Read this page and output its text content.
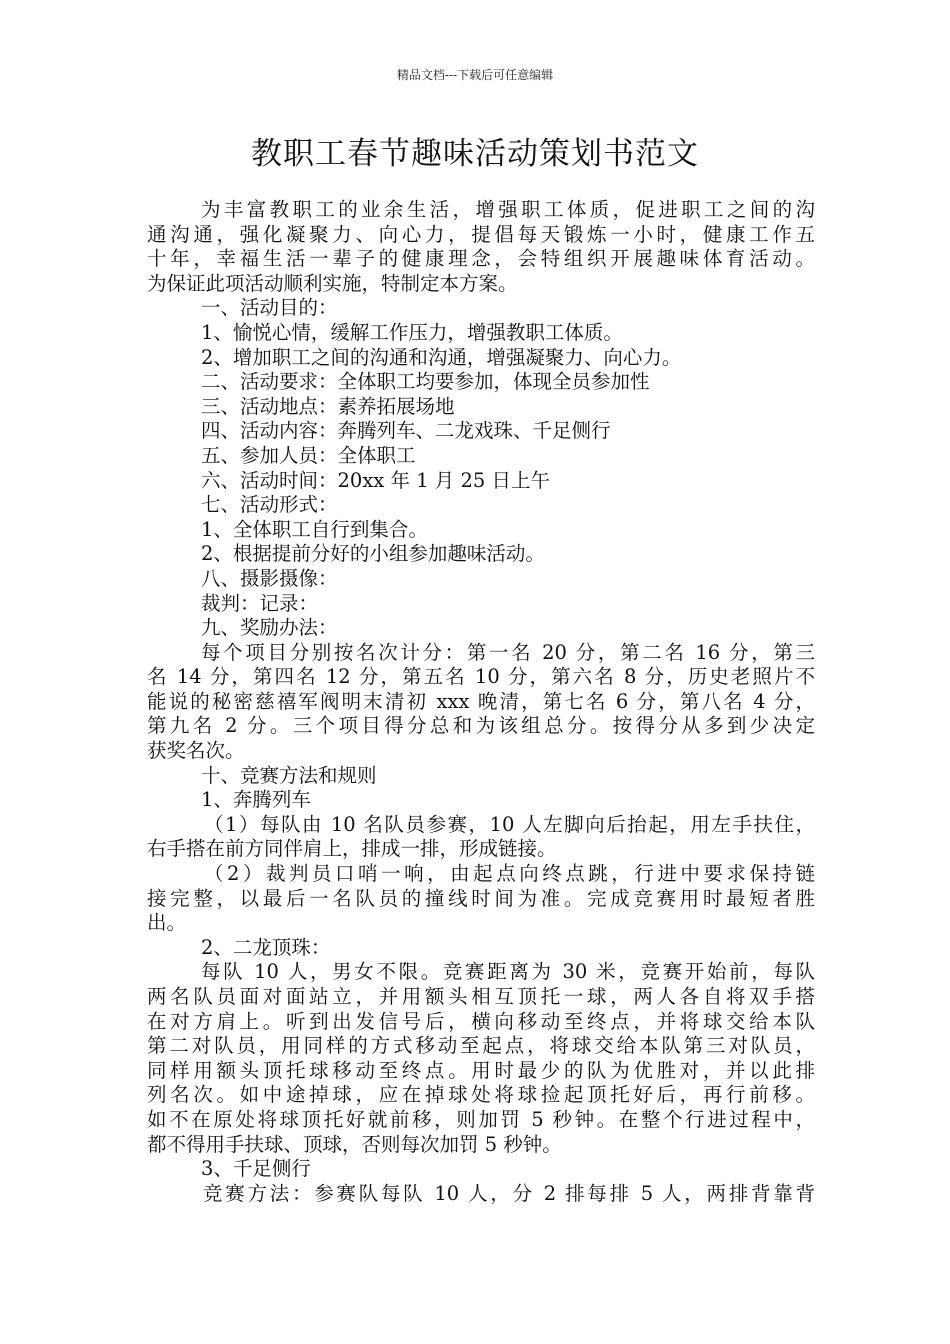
精品文档---下载后可任意编辑
教职工春节趣味活动策划书范文
为丰富教职工的业余生活，增强职工体质，促进职工之间的沟
通沟通，强化凝聚力、向心力，提倡每天锻炼一小时，健康工作五
十年，幸福生活一辈子的健康理念，会特组织开展趣味体育活动。
为保证此项活动顺利实施，特制定本方案。
一、活动目的：
1、愉悦心情，缓解工作压力，增强教职工体质。
2、增加职工之间的沟通和沟通，增强凝聚力、向心力。
二、活动要求：全体职工均要参加，体现全员参加性
三、活动地点：素养拓展场地
四、活动内容：奔腾列车、二龙戏珠、千足侧行
五、参加人员：全体职工
六、活动时间：20xx 年 1 月 25 日上午
七、活动形式：
1、全体职工自行到集合。
2、根据提前分好的小组参加趣味活动。
八、摄影摄像：
裁判：记录：
九、奖励办法：
每个项目分别按名次计分：第一名 20 分，第二名 16 分，第三
名 14 分，第四名 12 分，第五名 10 分，第六名 8 分，历史老照片不
能说的秘密慈禧军阀明末清初 xxx 晚清，第七名 6 分，第八名 4 分，
第九名 2 分。三个项目得分总和为该组总分。按得分从多到少决定
获奖名次。
十、竞赛方法和规则
1、奔腾列车
（1）每队由 10 名队员参赛，10 人左脚向后抬起，用左手扶住，
右手搭在前方同伴肩上，排成一排，形成链接。
（2）裁判员口哨一响，由起点向终点跳，行进中要求保持链
接完整，以最后一名队员的撞线时间为准。完成竞赛用时最短者胜
出。
2、二龙顶珠：
每队 10 人，男女不限。竞赛距离为 30 米，竞赛开始前，每队
两名队员面对面站立，并用额头相互顶托一球，两人各自将双手搭
在对方肩上。听到出发信号后，横向移动至终点，并将球交给本队
第二对队员，用同样的方式移动至起点，将球交给本队第三对队员，
同样用额头顶托球移动至终点。用时最少的队为优胜对，并以此排
列名次。如中途掉球，应在掉球处将球捡起顶托好后，再行前移。
如不在原处将球顶托好就前移，则加罚 5 秒钟。在整个行进过程中，
都不得用手扶球、顶球，否则每次加罚 5 秒钟。
3、千足侧行
竞赛方法：参赛队每队 10 人，分 2 排每排 5 人，两排背靠背
